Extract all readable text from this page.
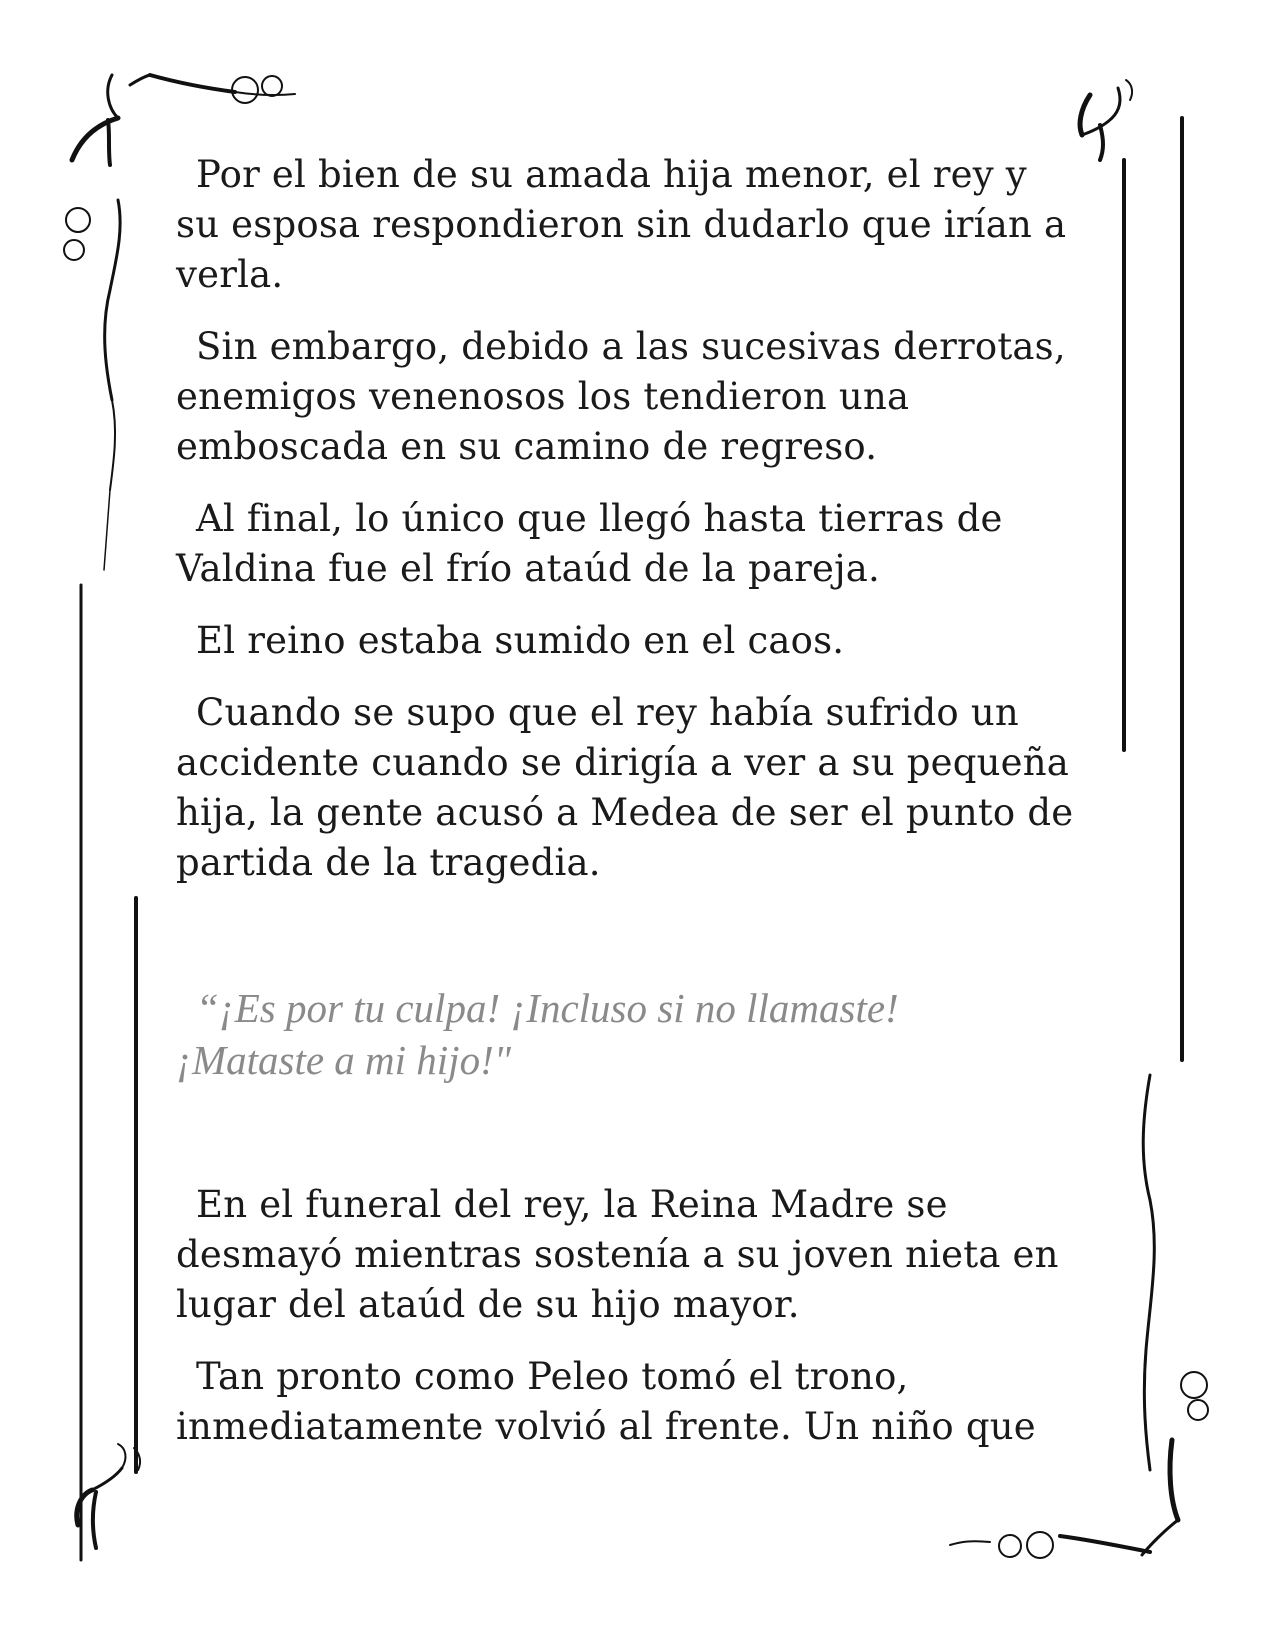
Por el bien de su amada hija menor, el rey y
su esposa respondieron sin dudarlo que irían a
verla.

Sin embargo, debido a las sucesivas derrotas,
enemigos venenosos los tendieron una
emboscada en su camino de regreso.

Al final, lo único que llegó hasta tierras de
Valdina fue el frío ataúd de la pareja.

El reino estaba sumido en el caos.

Cuando se supo que el rey había sufrido un
accidente cuando se dirigía a ver a su pequeña
hija, la gente acusó a Medea de ser el punto de
partida de la tragedia.

“¡Es por tu culpa! ¡Incluso si no llamaste!
¡Mataste a mi hijo!"

En el funeral del rey, la Reina Madre se
desmayó mientras sostenía a su joven nieta en
lugar del ataúd de su hijo mayor.

Tan pronto como Peleo tomó el trono,
inmediatamente volvió al frente. Un niño que
